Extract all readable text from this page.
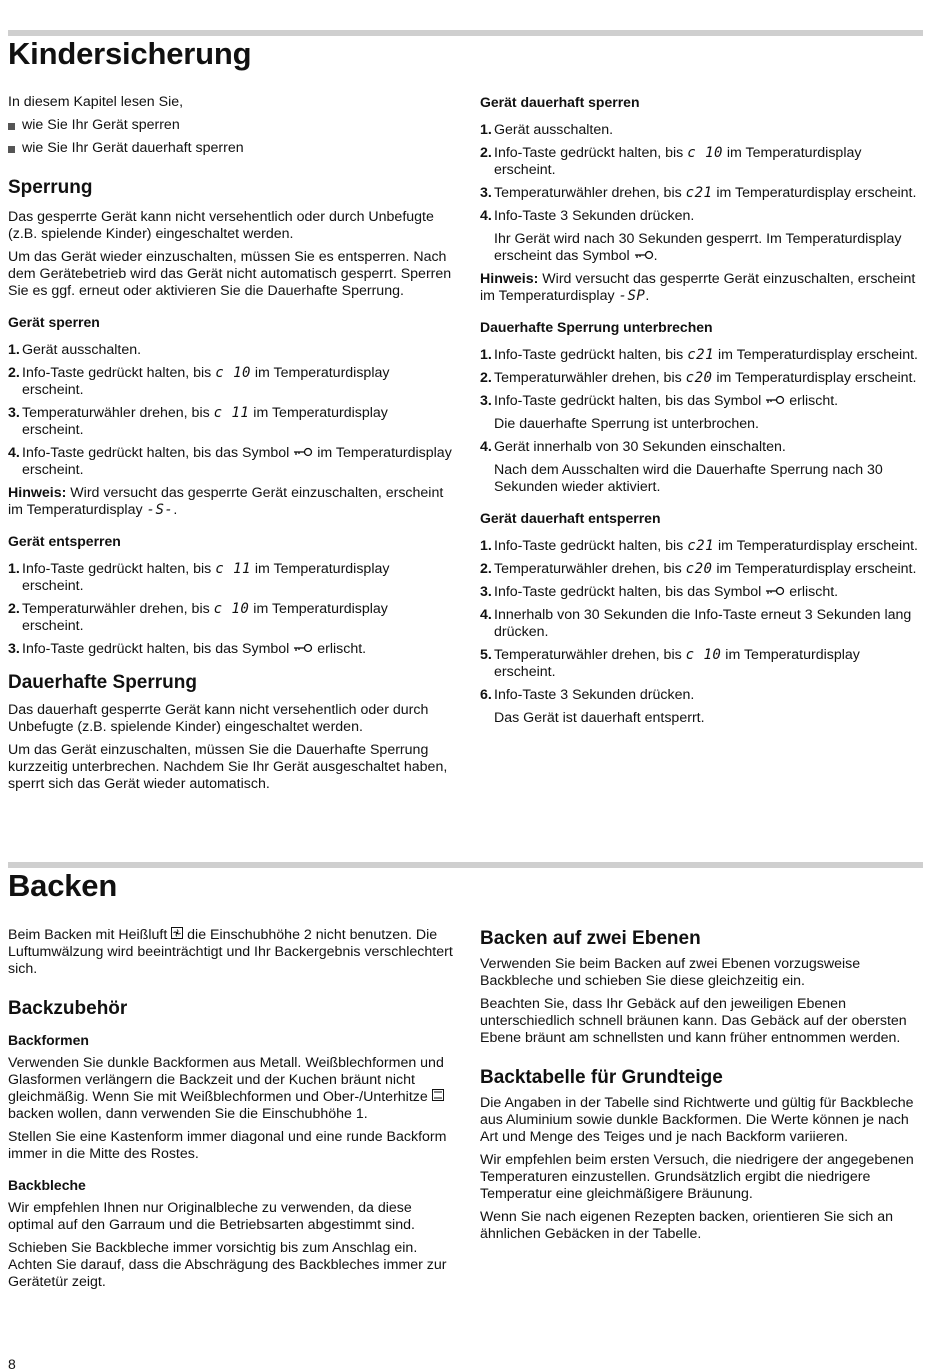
Kindersicherung

In diesem Kapitel lesen Sie,

wie Sie Ihr Gerät sperren
wie Sie Ihr Gerät dauerhaft sperren
Sperrung

Das gesperrte Gerät kann nicht versehentlich oder durch Unbefugte (z.B. spielende Kinder) eingeschaltet werden.

Um das Gerät wieder einzuschalten, müssen Sie es entsperren. Nach dem Gerätebetrieb wird das Gerät nicht automatisch gesperrt. Sperren Sie es ggf. erneut oder aktivieren Sie die Dauerhafte Sperrung.

Gerät sperren
1. Gerät ausschalten.
2. Info-Taste gedrückt halten, bis c 10 im Temperaturdisplay erscheint.
3. Temperaturwähler drehen, bis c 11 im Temperaturdisplay erscheint.
4. Info-Taste gedrückt halten, bis das Symbol  im Temperaturdisplay erscheint.

Hinweis: Wird versucht das gesperrte Gerät einzuschalten, erscheint im Temperaturdisplay -S-.

Gerät entsperren
1. Info-Taste gedrückt halten, bis c 11 im Temperaturdisplay erscheint.
2. Temperaturwähler drehen, bis c 10 im Temperaturdisplay erscheint.
3. Info-Taste gedrückt halten, bis das Symbol  erlischt.
Dauerhafte Sperrung

Das dauerhaft gesperrte Gerät kann nicht versehentlich oder durch Unbefugte (z.B. spielende Kinder) eingeschaltet werden.

Um das Gerät einzuschalten, müssen Sie die Dauerhafte Sperrung kurzzeitig unterbrechen. Nachdem Sie Ihr Gerät ausgeschaltet haben, sperrt sich das Gerät wieder automatisch.

Gerät dauerhaft sperren
1. Gerät ausschalten.
2. Info-Taste gedrückt halten, bis c 10 im Temperaturdisplay erscheint.
3. Temperaturwähler drehen, bis c21 im Temperaturdisplay erscheint.
4. Info-Taste 3 Sekunden drücken.
Ihr Gerät wird nach 30 Sekunden gesperrt. Im Temperaturdisplay erscheint das Symbol .

Hinweis: Wird versucht das gesperrte Gerät einzuschalten, erscheint im Temperaturdisplay -SP.

Dauerhafte Sperrung unterbrechen
1. Info-Taste gedrückt halten, bis c21 im Temperaturdisplay erscheint.
2. Temperaturwähler drehen, bis c20 im Temperaturdisplay erscheint.
3. Info-Taste gedrückt halten, bis das Symbol  erlischt.
Die dauerhafte Sperrung ist unterbrochen.
4. Gerät innerhalb von 30 Sekunden einschalten.
Nach dem Ausschalten wird die Dauerhafte Sperrung nach 30 Sekunden wieder aktiviert.
Gerät dauerhaft entsperren
1. Info-Taste gedrückt halten, bis c21 im Temperaturdisplay erscheint.
2. Temperaturwähler drehen, bis c20 im Temperaturdisplay erscheint.
3. Info-Taste gedrückt halten, bis das Symbol  erlischt.
4. Innerhalb von 30 Sekunden die Info-Taste erneut 3 Sekunden lang drücken.
5. Temperaturwähler drehen, bis c 10 im Temperaturdisplay erscheint.
6. Info-Taste 3 Sekunden drücken.
Das Gerät ist dauerhaft entsperrt.
Backen

Beim Backen mit Heißluft  die Einschubhöhe 2 nicht benutzen. Die Luftumwälzung wird beeinträchtigt und Ihr Backergebnis verschlechtert sich.

Backzubehör
Backformen

Verwenden Sie dunkle Backformen aus Metall. Weißblechformen und Glasformen verlängern die Backzeit und der Kuchen bräunt nicht gleichmäßig. Wenn Sie mit Weißblechformen und Ober-/Unterhitze  backen wollen, dann verwenden Sie die Einschubhöhe 1.

Stellen Sie eine Kastenform immer diagonal und eine runde Backform immer in die Mitte des Rostes.

Backbleche

Wir empfehlen Ihnen nur Originalbleche zu verwenden, da diese optimal auf den Garraum und die Betriebsarten abgestimmt sind.

Schieben Sie Backbleche immer vorsichtig bis zum Anschlag ein. Achten Sie darauf, dass die Abschrägung des Backbleches immer zur Gerätetür zeigt.

Backen auf zwei Ebenen

Verwenden Sie beim Backen auf zwei Ebenen vorzugsweise Backbleche und schieben Sie diese gleichzeitig ein.

Beachten Sie, dass Ihr Gebäck auf den jeweiligen Ebenen unterschiedlich schnell bräunen kann. Das Gebäck auf der obersten Ebene bräunt am schnellsten und kann früher entnommen werden.

Backtabelle für Grundteige

Die Angaben in der Tabelle sind Richtwerte und gültig für Backbleche aus Aluminium sowie dunkle Backformen. Die Werte können je nach Art und Menge des Teiges und je nach Backform variieren.

Wir empfehlen beim ersten Versuch, die niedrigere der angegebenen Temperaturen einzustellen. Grundsätzlich ergibt die niedrigere Temperatur eine gleichmäßigere Bräunung.

Wenn Sie nach eigenen Rezepten backen, orientieren Sie sich an ähnlichen Gebäcken in der Tabelle.

8
